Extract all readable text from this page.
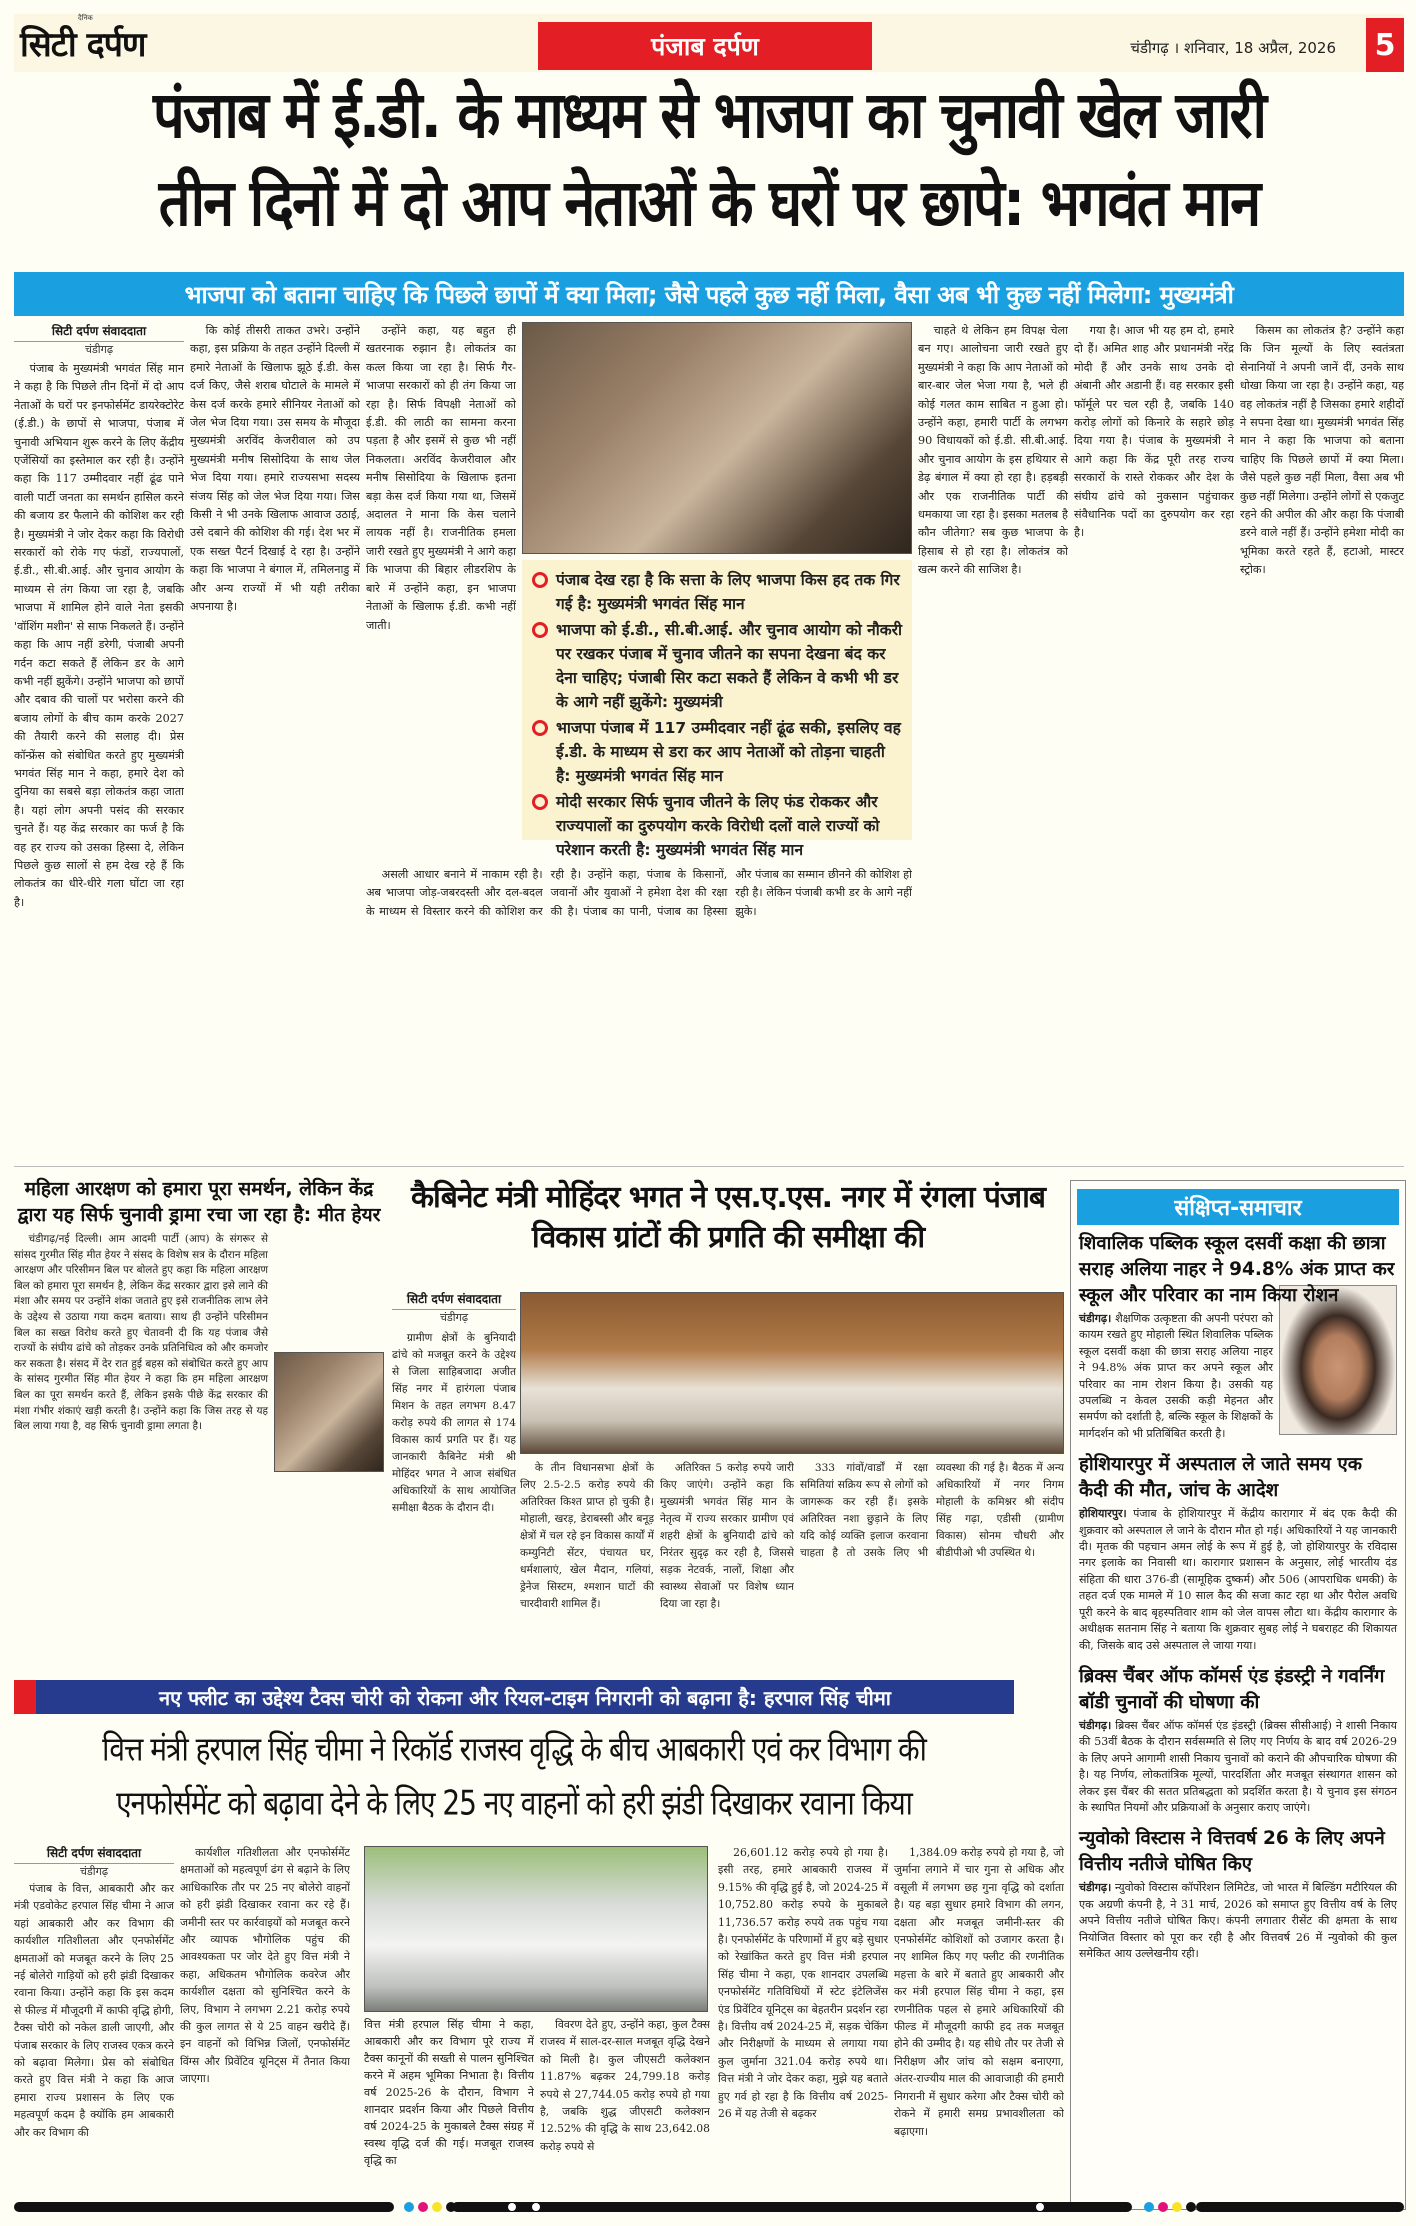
सिटी दर्पण
दैनिक
पंजाब दर्पण	चंडीगढ़ । शनिवार, 18 अप्रैल, 2026 5
पंजाब में ई.डी. के माध्यम से भाजपा का चुनावी खेल जारी
तीन दिनों में दो आप नेताओं के घरों पर छापे: भगवंत मान
भाजपा को बताना चाहिए कि पिछले छापों में क्या मिला; जैसे पहले कुछ नहीं मिला, वैसा अब भी कुछ नहीं मिलेगा: मुख्यमंत्री
सिटी दर्पण संवाददाता
चंडीगढ़

पंजाब के मुख्यमंत्री भगवंत सिंह मान ने कहा है कि पिछले तीन दिनों में दो आप नेताओं के घरों पर इनफोर्समेंट डायरेक्टोरेट (ई.डी.) के छापों से भाजपा, पंजाब में चुनावी अभियान शुरू करने के लिए केंद्रीय एजेंसियों का इस्तेमाल कर रही है। उन्होंने कहा कि 117 उम्मीदवार नहीं ढूंढ पाने वाली पार्टी जनता का समर्थन हासिल करने की बजाय डर फैलाने की कोशिश कर रही है। मुख्यमंत्री ने जोर देकर कहा कि विरोधी सरकारों को रोके गए फंडों, राज्यपालों, ई.डी., सी.बी.आई. और चुनाव आयोग के माध्यम से तंग किया जा रहा है, जबकि भाजपा में शामिल होने वाले नेता इसकी 'वॉशिंग मशीन' से साफ निकलते हैं। उन्होंने कहा कि आप नहीं डरेगी, पंजाबी अपनी गर्दन कटा सकते हैं लेकिन डर के आगे कभी नहीं झुकेंगे। उन्होंने भाजपा को छापों और दबाव की चालों पर भरोसा करने की बजाय लोगों के बीच काम करके 2027 की तैयारी करने की सलाह दी। प्रेस कॉन्फ्रेंस को संबोधित करते हुए मुख्यमंत्री भगवंत सिंह मान ने कहा, हमारे देश को दुनिया का सबसे बड़ा लोकतंत्र कहा जाता है। यहां लोग अपनी पसंद की सरकार चुनते हैं। यह केंद्र सरकार का फर्ज है कि वह हर राज्य को उसका हिस्सा दे, लेकिन पिछले कुछ सालों से हम देख रहे हैं कि लोकतंत्र का धीरे-धीरे गला घोंटा जा रहा है।

कि कोई तीसरी ताकत उभरे। उन्होंने कहा, इस प्रक्रिया के तहत उन्होंने दिल्ली में हमारे नेताओं के खिलाफ झूठे ई.डी. केस दर्ज किए, जैसे शराब घोटाले के मामले में केस दर्ज करके हमारे सीनियर नेताओं को जेल भेज दिया गया। उस समय के मौजूदा मुख्यमंत्री अरविंद केजरीवाल को उप मुख्यमंत्री मनीष सिसोदिया के साथ जेल भेज दिया गया। हमारे राज्यसभा सदस्य संजय सिंह को जेल भेज दिया गया। जिस किसी ने भी उनके खिलाफ आवाज उठाई, उसे दबाने की कोशिश की गई। देश भर में एक सख्त पैटर्न दिखाई दे रहा है। उन्होंने कहा कि भाजपा ने बंगाल में, तमिलनाडु में और अन्य राज्यों में भी यही तरीका अपनाया है।

उन्होंने कहा, यह बहुत ही खतरनाक रुझान है। लोकतंत्र का कत्ल किया जा रहा है। सिर्फ गैर-भाजपा सरकारों को ही तंग किया जा रहा है। सिर्फ विपक्षी नेताओं को ई.डी. की लाठी का सामना करना पड़ता है और इसमें से कुछ भी नहीं निकलता। अरविंद केजरीवाल और मनीष सिसोदिया के खिलाफ इतना बड़ा केस दर्ज किया गया था, जिसमें अदालत ने माना कि केस चलाने लायक नहीं है। राजनीतिक हमला जारी रखते हुए मुख्यमंत्री ने आगे कहा कि भाजपा की बिहार लीडरशिप के बारे में उन्होंने कहा, इन भाजपा नेताओं के खिलाफ ई.डी. कभी नहीं जाती।

पंजाब देख रहा है कि सत्ता के लिए भाजपा किस हद तक गिर गई है: मुख्यमंत्री भगवंत सिंह मान
भाजपा को ई.डी., सी.बी.आई. और चुनाव आयोग को नौकरी पर रखकर पंजाब में चुनाव जीतने का सपना देखना बंद कर देना चाहिए; पंजाबी सिर कटा सकते हैं लेकिन वे कभी भी डर के आगे नहीं झुकेंगे: मुख्यमंत्री
भाजपा पंजाब में 117 उम्मीदवार नहीं ढूंढ सकी, इसलिए वह ई.डी. के माध्यम से डरा कर आप नेताओं को तोड़ना चाहती है: मुख्यमंत्री भगवंत सिंह मान
मोदी सरकार सिर्फ चुनाव जीतने के लिए फंड रोककर और राज्यपालों का दुरुपयोग करके विरोधी दलों वाले राज्यों को परेशान करती है: मुख्यमंत्री भगवंत सिंह मान

असली आधार बनाने में नाकाम रही है। अब भाजपा जोड़-जबरदस्ती और दल-बदल के माध्यम से विस्तार करने की कोशिश कर रही है। उन्होंने कहा, पंजाब के किसानों, जवानों और युवाओं ने हमेशा देश की रक्षा की है। पंजाब का पानी, पंजाब का हिस्सा और पंजाब का सम्मान छीनने की कोशिश हो रही है। लेकिन पंजाबी कभी डर के आगे नहीं झुके।

चाहते थे लेकिन हम विपक्ष चेला बन गए। आलोचना जारी रखते हुए मुख्यमंत्री ने कहा कि आप नेताओं को बार-बार जेल भेजा गया है, भले ही कोई गलत काम साबित न हुआ हो। उन्होंने कहा, हमारी पार्टी के लगभग 90 विधायकों को ई.डी. सी.बी.आई. और चुनाव आयोग के इस हथियार से डेढ़ बंगाल में क्या हो रहा है। हड़बड़ी और एक राजनीतिक पार्टी की धमकाया जा रहा है। इसका मतलब है कौन जीतेगा? सब कुछ भाजपा के हिसाब से हो रहा है। लोकतंत्र को खत्म करने की साजिश है।

गया है। आज भी यह हम दो, हमारे दो हैं। अमित शाह और प्रधानमंत्री नरेंद्र मोदी हैं और उनके साथ उनके दो अंबानी और अडानी हैं। वह सरकार इसी फॉर्मूले पर चल रही है, जबकि 140 करोड़ लोगों को किनारे के सहारे छोड़ दिया गया है। पंजाब के मुख्यमंत्री ने आगे कहा कि केंद्र पूरी तरह राज्य सरकारों के रास्ते रोककर और देश के संघीय ढांचे को नुकसान पहुंचाकर संवैधानिक पदों का दुरुपयोग कर रहा है।

किसम का लोकतंत्र है? उन्होंने कहा कि जिन मूल्यों के लिए स्वतंत्रता सेनानियों ने अपनी जानें दीं, उनके साथ धोखा किया जा रहा है। उन्होंने कहा, यह वह लोकतंत्र नहीं है जिसका हमारे शहीदों ने सपना देखा था। मुख्यमंत्री भगवंत सिंह मान ने कहा कि भाजपा को बताना चाहिए कि पिछले छापों में क्या मिला। जैसे पहले कुछ नहीं मिला, वैसा अब भी कुछ नहीं मिलेगा। उन्होंने लोगों से एकजुट रहने की अपील की और कहा कि पंजाबी डरने वाले नहीं हैं। उन्होंने हमेशा मोदी का भूमिका करते रहते हैं, हटाओ, मास्टर स्ट्रोक।

महिला आरक्षण को हमारा पूरा समर्थन, लेकिन केंद्र द्वारा यह सिर्फ चुनावी ड्रामा रचा जा रहा है: मीत हेयर

चंडीगढ़/नई दिल्ली। आम आदमी पार्टी (आप) के संगरूर से सांसद गुरमीत सिंह मीत हेयर ने संसद के विशेष सत्र के दौरान महिला आरक्षण और परिसीमन बिल पर बोलते हुए कहा कि महिला आरक्षण बिल को हमारा पूरा समर्थन है, लेकिन केंद्र सरकार द्वारा इसे लाने की मंशा और समय पर उन्होंने शंका जताते हुए इसे राजनीतिक लाभ लेने के उद्देश्य से उठाया गया कदम बताया। साथ ही उन्होंने परिसीमन बिल का सख्त विरोध करते हुए चेतावनी दी कि यह पंजाब जैसे राज्यों के संघीय ढांचे को तोड़कर उनके प्रतिनिधित्व को और कमजोर कर सकता है। संसद में देर रात हुई बहस को संबोधित करते हुए आप के सांसद गुरमीत सिंह मीत हेयर ने कहा कि हम महिला आरक्षण बिल का पूरा समर्थन करते हैं, लेकिन इसके पीछे केंद्र सरकार की मंशा गंभीर शंकाएं खड़ी करती है। उन्होंने कहा कि जिस तरह से यह बिल लाया गया है, वह सिर्फ चुनावी ड्रामा लगता है।

कैबिनेट मंत्री मोहिंदर भगत ने एस.ए.एस. नगर में रंगला पंजाब विकास ग्रांटों की प्रगति की समीक्षा की
सिटी दर्पण संवाददाता
चंडीगढ़

ग्रामीण क्षेत्रों के बुनियादी ढांचे को मजबूत करने के उद्देश्य से जिला साहिबजादा अजीत सिंह नगर में हारंगला पंजाब मिशन के तहत लगभग 8.47 करोड़ रुपये की लागत से 174 विकास कार्य प्रगति पर हैं। यह जानकारी कैबिनेट मंत्री श्री मोहिंदर भगत ने आज संबंधित अधिकारियों के साथ आयोजित समीक्षा बैठक के दौरान दी।

के तीन विधानसभा क्षेत्रों के लिए 2.5-2.5 करोड़ रुपये की अतिरिक्त किश्त प्राप्त हो चुकी है। मोहाली, खरड़, डेराबस्सी और बनूड़ क्षेत्रों में चल रहे इन विकास कार्यों में कम्युनिटी सेंटर, पंचायत घर, धर्मशालाएं, खेल मैदान, गलियां, ड्रेनेज सिस्टम, श्मशान घाटों की चारदीवारी शामिल हैं।

अतिरिक्त 5 करोड़ रुपये जारी किए जाएंगे। उन्होंने कहा कि मुख्यमंत्री भगवंत सिंह मान के नेतृत्व में राज्य सरकार ग्रामीण एवं शहरी क्षेत्रों के बुनियादी ढांचे को निरंतर सुदृढ़ कर रही है, जिससे सड़क नेटवर्क, नालों, शिक्षा और स्वास्थ्य सेवाओं पर विशेष ध्यान दिया जा रहा है।

333 गांवों/वार्डों में रक्षा समितियां सक्रिय रूप से लोगों को जागरूक कर रही हैं। इसके अतिरिक्त नशा छुड़ाने के लिए यदि कोई व्यक्ति इलाज करवाना चाहता है तो उसके लिए भी व्यवस्था की गई है। बैठक में अन्य अधिकारियों में नगर निगम मोहाली के कमिश्नर श्री संदीप सिंह गढ़ा, एडीसी (ग्रामीण विकास) सोनम चौधरी और बीडीपीओ भी उपस्थित थे।

संक्षिप्त-समाचार
शिवालिक पब्लिक स्कूल दसवीं कक्षा की छात्रा सराह अलिया नाहर ने 94.8% अंक प्राप्त कर स्कूल और परिवार का नाम किया रोशन
चंडीगढ़। शैक्षणिक उत्कृष्टता की अपनी परंपरा को कायम रखते हुए मोहाली स्थित शिवालिक पब्लिक स्कूल दसवीं कक्षा की छात्रा सराह अलिया नाहर ने 94.8% अंक प्राप्त कर अपने स्कूल और परिवार का नाम रोशन किया है। उसकी यह उपलब्धि न केवल उसकी कड़ी मेहनत और समर्पण को दर्शाती है, बल्कि स्कूल के शिक्षकों के मार्गदर्शन को भी प्रतिबिंबित करती है।
होशियारपुर में अस्पताल ले जाते समय एक कैदी की मौत, जांच के आदेश
होशियारपुर। पंजाब के होशियारपुर में केंद्रीय कारागार में बंद एक कैदी की शुक्रवार को अस्पताल ले जाने के दौरान मौत हो गई। अधिकारियों ने यह जानकारी दी। मृतक की पहचान अमन लोई के रूप में हुई है, जो होशियारपुर के रविदास नगर इलाके का निवासी था। कारागार प्रशासन के अनुसार, लोई भारतीय दंड संहिता की धारा 376-डी (सामूहिक दुष्कर्म) और 506 (आपराधिक धमकी) के तहत दर्ज एक मामले में 10 साल कैद की सजा काट रहा था और पैरोल अवधि पूरी करने के बाद बृहस्पतिवार शाम को जेल वापस लौटा था। केंद्रीय कारागार के अधीक्षक सतनाम सिंह ने बताया कि शुक्रवार सुबह लोई ने घबराहट की शिकायत की, जिसके बाद उसे अस्पताल ले जाया गया।
ब्रिक्स चैंबर ऑफ कॉमर्स एंड इंडस्ट्री ने गवर्निंग बॉडी चुनावों की घोषणा की
चंडीगढ़। ब्रिक्स चैंबर ऑफ कॉमर्स एंड इंडस्ट्री (ब्रिक्स सीसीआई) ने शासी निकाय की 53वीं बैठक के दौरान सर्वसम्मति से लिए गए निर्णय के बाद वर्ष 2026-29 के लिए अपने आगामी शासी निकाय चुनावों को कराने की औपचारिक घोषणा की है। यह निर्णय, लोकतांत्रिक मूल्यों, पारदर्शिता और मजबूत संस्थागत शासन को लेकर इस चैंबर की सतत प्रतिबद्धता को प्रदर्शित करता है। ये चुनाव इस संगठन के स्थापित नियमों और प्रक्रियाओं के अनुसार कराए जाएंगे।
न्युवोको विस्टास ने वित्तवर्ष 26 के लिए अपने वित्तीय नतीजे घोषित किए
चंडीगढ़। न्युवोको विस्टास कॉर्पोरेशन लिमिटेड, जो भारत में बिल्डिंग मटीरियल की एक अग्रणी कंपनी है, ने 31 मार्च, 2026 को समाप्त हुए वित्तीय वर्ष के लिए अपने वित्तीय नतीजे घोषित किए। कंपनी लगातार रीसेंट की क्षमता के साथ नियोजित विस्तार को पूरा कर रही है और वित्तवर्ष 26 में न्युवोको की कुल समेकित आय उल्लेखनीय रही।
नए फ्लीट का उद्देश्य टैक्स चोरी को रोकना और रियल-टाइम निगरानी को बढ़ाना है: हरपाल सिंह चीमा
वित्त मंत्री हरपाल सिंह चीमा ने रिकॉर्ड राजस्व वृद्धि के बीच आबकारी एवं कर विभाग की
एनफोर्समेंट को बढ़ावा देने के लिए 25 नए वाहनों को हरी झंडी दिखाकर रवाना किया
सिटी दर्पण संवाददाता
चंडीगढ़

पंजाब के वित्त, आबकारी और कर मंत्री एडवोकेट हरपाल सिंह चीमा ने आज यहां आबकारी और कर विभाग की कार्यशील गतिशीलता और एनफोर्समेंट क्षमताओं को मजबूत करने के लिए 25 नई बोलेरो गाड़ियों को हरी झंडी दिखाकर रवाना किया। उन्होंने कहा कि इस कदम से फील्ड में मौजूदगी में काफी वृद्धि होगी, टैक्स चोरी को नकेल डाली जाएगी, और पंजाब सरकार के लिए राजस्व एकत्र करने को बढ़ावा मिलेगा। प्रेस को संबोधित करते हुए वित्त मंत्री ने कहा कि आज हमारा राज्य प्रशासन के लिए एक महत्वपूर्ण कदम है क्योंकि हम आबकारी और कर विभाग की

कार्यशील गतिशीलता और एनफोर्समेंट क्षमताओं को महत्वपूर्ण ढंग से बढ़ाने के लिए आधिकारिक तौर पर 25 नए बोलेरो वाहनों को हरी झंडी दिखाकर रवाना कर रहे हैं। जमीनी स्तर पर कार्रवाइयों को मजबूत करने और व्यापक भौगोलिक पहुंच की आवश्यकता पर जोर देते हुए वित्त मंत्री ने कहा, अधिकतम भौगोलिक कवरेज और कार्यशील दक्षता को सुनिश्चित करने के लिए, विभाग ने लगभग 2.21 करोड़ रुपये की कुल लागत से ये 25 वाहन खरीदे हैं। इन वाहनों को विभिन्न जिलों, एनफोर्समेंट विंग्स और प्रिवेंटिव यूनिट्स में तैनात किया जाएगा।

वित्त मंत्री हरपाल सिंह चीमा ने कहा, आबकारी और कर विभाग पूरे राज्य में टैक्स कानूनों की सख्ती से पालन सुनिश्चित करने में अहम भूमिका निभाता है। वित्तीय वर्ष 2025-26 के दौरान, विभाग ने शानदार प्रदर्शन किया और पिछले वित्तीय वर्ष 2024-25 के मुकाबले टैक्स संग्रह में स्वस्थ वृद्धि दर्ज की गई। मजबूत राजस्व वृद्धि का

विवरण देते हुए, उन्होंने कहा, कुल टैक्स राजस्व में साल-दर-साल मजबूत वृद्धि देखने को मिली है। कुल जीएसटी कलेक्शन 11.87% बढ़कर 24,799.18 करोड़ रुपये से 27,744.05 करोड़ रुपये हो गया है, जबकि शुद्ध जीएसटी कलेक्शन 12.52% की वृद्धि के साथ 23,642.08 करोड़ रुपये से

26,601.12 करोड़ रुपये हो गया है। इसी तरह, हमारे आबकारी राजस्व में 9.15% की वृद्धि हुई है, जो 2024-25 में 10,752.80 करोड़ रुपये के मुकाबले 11,736.57 करोड़ रुपये तक पहुंच गया है। एनफोर्समेंट के परिणामों में हुए बड़े सुधार को रेखांकित करते हुए वित्त मंत्री हरपाल सिंह चीमा ने कहा, एक शानदार उपलब्धि एनफोर्समेंट गतिविधियों में स्टेट इंटेलिजेंस एंड प्रिवेंटिव यूनिट्स का बेहतरीन प्रदर्शन रहा है। वित्तीय वर्ष 2024-25 में, सड़क चेकिंग और निरीक्षणों के माध्यम से लगाया गया कुल जुर्माना 321.04 करोड़ रुपये था। वित्त मंत्री ने जोर देकर कहा, मुझे यह बताते हुए गर्व हो रहा है कि वित्तीय वर्ष 2025-26 में यह तेजी से बढ़कर

1,384.09 करोड़ रुपये हो गया है, जो जुर्माना लगाने में चार गुना से अधिक और वसूली में लगभग छह गुना वृद्धि को दर्शाता है। यह बड़ा सुधार हमारे विभाग की लगन, दक्षता और मजबूत जमीनी-स्तर की एनफोर्समेंट कोशिशों को उजागर करता है। नए शामिल किए गए फ्लीट की रणनीतिक महत्ता के बारे में बताते हुए आबकारी और कर मंत्री हरपाल सिंह चीमा ने कहा, इस रणनीतिक पहल से हमारे अधिकारियों की फील्ड में मौजूदगी काफी हद तक मजबूत होने की उम्मीद है। यह सीधे तौर पर तेजी से निरीक्षण और जांच को सक्षम बनाएगा, अंतर-राज्यीय माल की आवाजाही की हमारी निगरानी में सुधार करेगा और टैक्स चोरी को रोकने में हमारी समग्र प्रभावशीलता को बढ़ाएगा।
